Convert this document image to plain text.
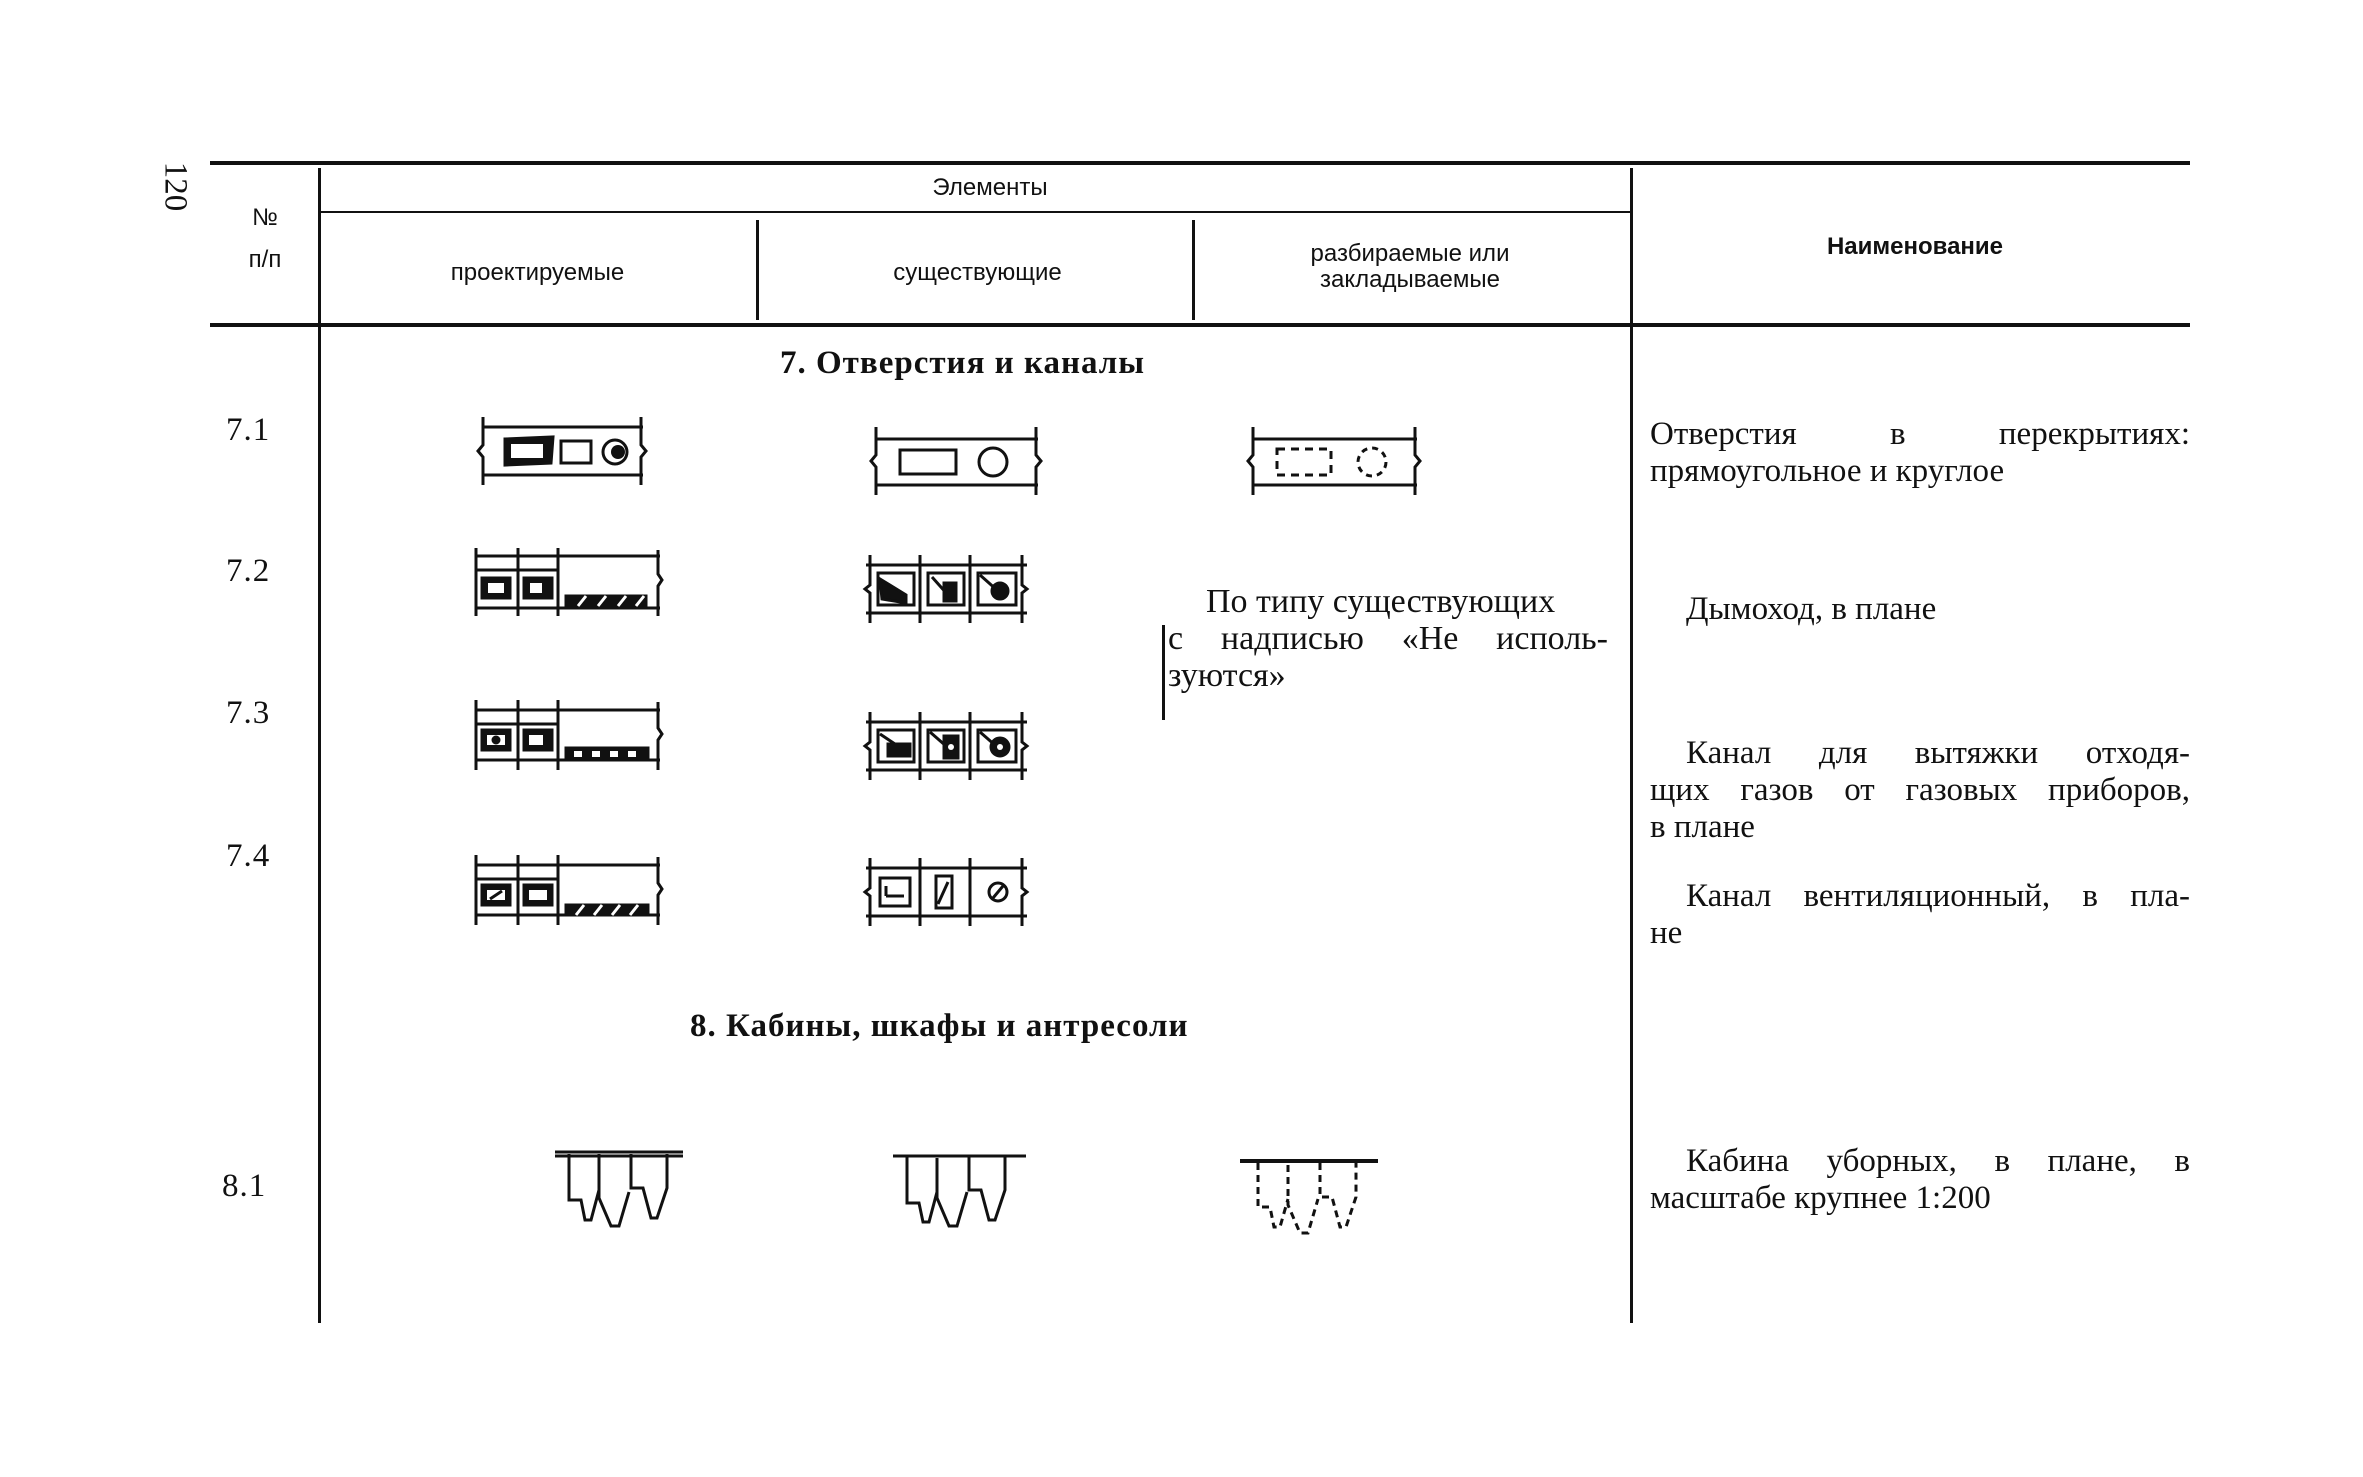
120
№
п/п
Элементы
проектируемые	существующие
разбираемые или закладываемые
Наименование
7. Отверстия и каналы
8. Кабины, шкафы и антресоли
7.1
7.2
7.3
7.4
8.1
Отверстия в перекрытиях:
прямоугольное и круглое
Дымоход, в плане
Канал для вытяжки отходя-
щих газов от газовых приборов,
в плане
Канал вентиляционный, в пла-
не
Кабина уборных, в плане, в
масштабе крупнее 1:200
По типу существующих
с надписью «Не исполь-
зуются»
